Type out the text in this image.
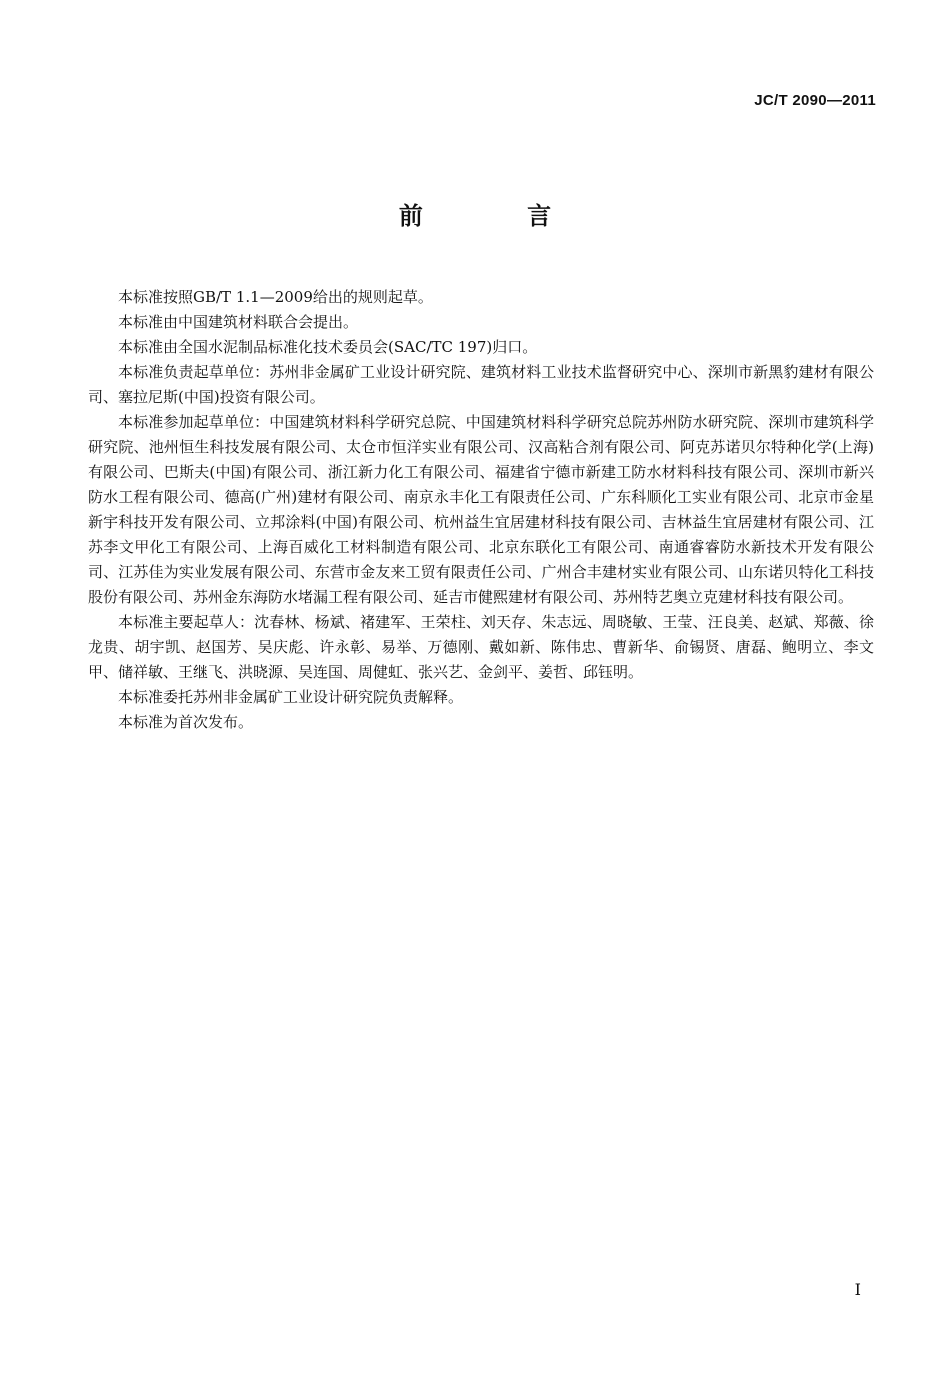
JC/T 2090—2011
前 言

本标准按照GB/T 1.1—2009给出的规则起草。

本标准由中国建筑材料联合会提出。

本标准由全国水泥制品标准化技术委员会(SAC/TC 197)归口。

本标准负责起草单位：苏州非金属矿工业设计研究院、建筑材料工业技术监督研究中心、深圳市新黑豹建材有限公司、塞拉尼斯(中国)投资有限公司。

本标准参加起草单位：中国建筑材料科学研究总院、中国建筑材料科学研究总院苏州防水研究院、深圳市建筑科学研究院、池州恒生科技发展有限公司、太仓市恒洋实业有限公司、汉高粘合剂有限公司、阿克苏诺贝尔特种化学(上海)有限公司、巴斯夫(中国)有限公司、浙江新力化工有限公司、福建省宁德市新建工防水材料科技有限公司、深圳市新兴防水工程有限公司、德高(广州)建材有限公司、南京永丰化工有限责任公司、广东科顺化工实业有限公司、北京市金星新宇科技开发有限公司、立邦涂料(中国)有限公司、杭州益生宜居建材科技有限公司、吉林益生宜居建材有限公司、江苏李文甲化工有限公司、上海百威化工材料制造有限公司、北京东联化工有限公司、南通睿睿防水新技术开发有限公司、江苏佳为实业发展有限公司、东营市金友来工贸有限责任公司、广州合丰建材实业有限公司、山东诺贝特化工科技股份有限公司、苏州金东海防水堵漏工程有限公司、延吉市健熙建材有限公司、苏州特艺奥立克建材科技有限公司。

本标准主要起草人：沈春林、杨斌、褚建军、王荣柱、刘天存、朱志远、周晓敏、王莹、汪良美、赵斌、郑薇、徐龙贵、胡宇凯、赵国芳、吴庆彪、许永彰、易举、万德刚、戴如新、陈伟忠、曹新华、俞锡贤、唐磊、鲍明立、李文甲、储祥敏、王继飞、洪晓源、吴连国、周健虹、张兴艺、金剑平、姜哲、邱钰明。

本标准委托苏州非金属矿工业设计研究院负责解释。

本标准为首次发布。

I
